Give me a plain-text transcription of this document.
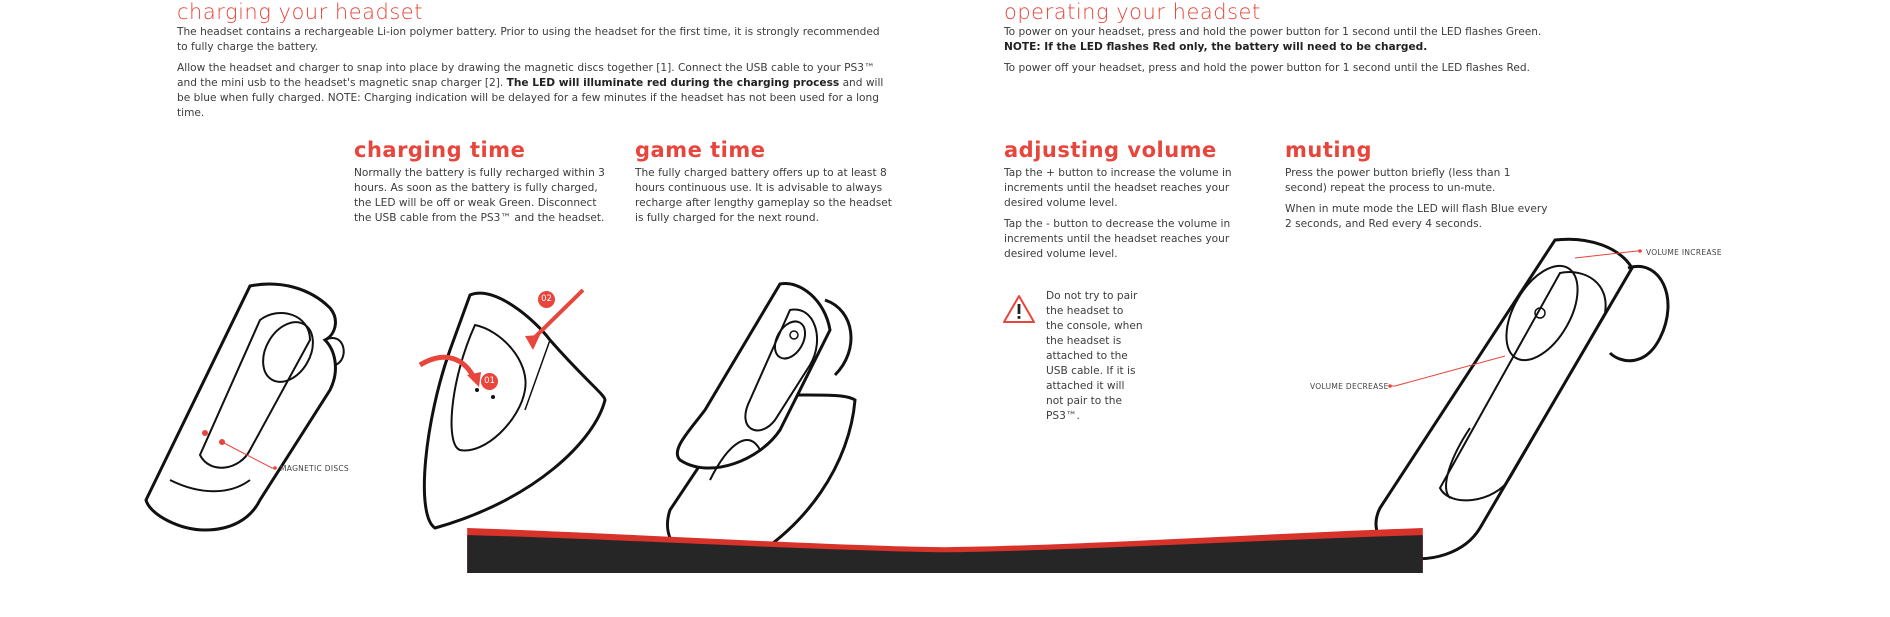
charging your headset

The headset contains a rechargeable Li-ion polymer battery. Prior to using the headset for the first time, it is strongly recommended to fully charge the battery.

Allow the headset and charger to snap into place by drawing the magnetic discs together [1]. Connect the USB cable to your PS3™ and the mini usb to the headset's magnetic snap charger [2]. The LED will illuminate red during the charging process and will be blue when fully charged. NOTE: Charging indication will be delayed for a few minutes if the headset has not been used for a long time.

charging time

Normally the battery is fully recharged within 3 hours. As soon as the battery is fully charged, the LED will be off or weak Green. Disconnect the USB cable from the PS3™ and the headset.

game time

The fully charged battery offers up to at least 8 hours continuous use. It is advisable to always recharge after lengthy gameplay so the headset is fully charged for the next round.

MAGNETIC DISCS
01
02
operating your headset

To power on your headset, press and hold the power button for 1 second until the LED flashes Green.

NOTE: If the LED flashes Red only, the battery will need to be charged.

To power off your headset, press and hold the power button for 1 second until the LED flashes Red.

adjusting volume

Tap the + button to increase the volume in increments until the headset reaches your desired volume level.

Tap the - button to decrease the volume in increments until the headset reaches your desired volume level.

muting

Press the power button briefly (less than 1 second) repeat the process to un-mute.

When in mute mode the LED will flash Blue every 2 seconds, and Red every 4 seconds.

Do not try to pair the headset to the console, when the headset is attached to the USB cable. If it is attached it will not pair to the PS3™.
VOLUME INCREASE
VOLUME DECREASE
08 | CHARGING	OPERATION | 09
